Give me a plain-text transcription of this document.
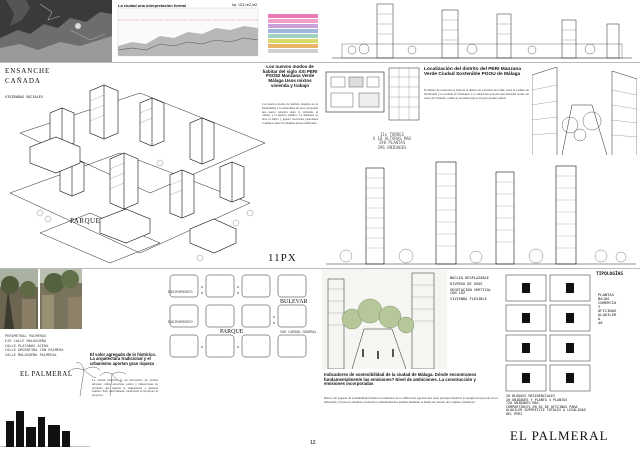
La ciudad una interpretación formal	kg CO2/m2/m2

ENSANCHE

CAÑADA

VIVIENDAS SOCIALES

PARQUE

11PX

Los nuevos modos de habitar del siglo XXI PERI PSO52 Manzana Verde Málaga Usos mixtos vivienda y trabajo

Los nuevos modos de habitar, basados en la flexibilidad y la diversidad de usos, proponen una nueva relación entre la vivienda, el trabajo y el espacio público. La manzana se abre al barrio y genera recorridos peatonales continuos entre las distintas piezas edificadas.

Localización del distrito del PERI Manzana Verde Ciudad Sostenible PGOU de Málaga

El ámbito de actuación se sitúa en el distrito de Carretera de Cádiz, entre el Camino de San Rafael y la avenida de Velázquez. La ordenación propone una manzana verde con torres de vivienda, comercio en planta baja y un gran parque central.

11x TORRES

X 18 ALTURAS MAX

198 PLANTAS

396 UNIDADES

PERIMETRAL PALMERAS

EJE CALLE MALAGUEÑA

CALLE PLATANOS ACERA

CALLE ARGENTINA CON PALMERA

CALLE MALAGUEÑA PALMERAL

EL PALMERAL

El valor agregado de lo histórico. La arquitectura tradicional y el urbanismo aportan gran riqueza

La ciudad histórica es un laboratorio de formas urbanas: calles estrechas, patios y alineaciones de arbolado que regulan la temperatura y generan sombra. Este conocimiento tradicional se incorpora al proyecto.

EQUIPAMIENTO

EQUIPAMIENTO

BULEVAR

PARQUE	SUR CAMINO GENERAL

12

NÚCLEO DESPLAZABLE

DIVERSO DE USOS

VEGETACIÓN VERTICAL CON LUZ

VIVIENDA FLEXIBLE

Indicadores de sostenibilidad de la ciudad de Málaga. Dónde encontramos fundamentalmente las emisiones? Nivel de ambiciones. La construcción y emisiones incorporadas

Dentro del paquete de sostenibilidad urbana las emisiones de la edificación suponen una parte principal. Reducir la energía incorporada en los materiales y favorecer sistemas constructivos industrializados permite disminuir la huella de carbono del conjunto residencial.

TIPOLOGÍAS

PLANTAS

BAJAS

COMERCIO

Y

OFICINAS

ALQUILER

A

40

20 BLOQUES RESIDENCIALES

20 UNIDADES Y PLANTA 4 PLANTAS

726 UNIDADES MAX

COMPARTIBLES EN 82 DE OFICINAS PARA

ALQUILER SUPERFICIE TOTALES A LEGALIDAD

DEL PERI

EL PALMERAL
